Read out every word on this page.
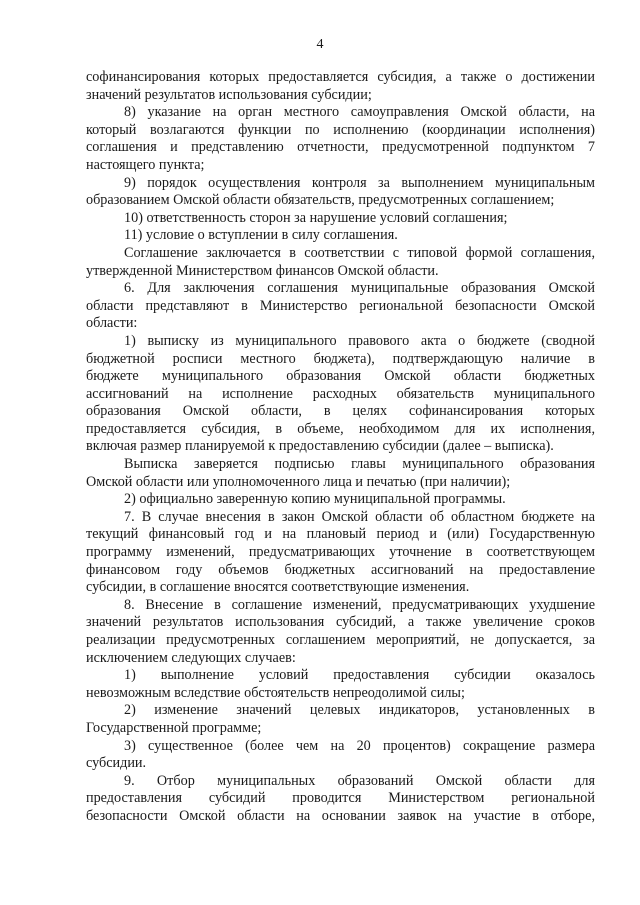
4
софинансирования которых предоставляется субсидия, а также о достижении
значений результатов использования субсидии;
8) указание на орган местного самоуправления Омской области, на
который возлагаются функции по исполнению (координации исполнения)
соглашения и представлению отчетности, предусмотренной подпунктом 7
настоящего пункта;
9) порядок осуществления контроля за выполнением муниципальным
образованием Омской области обязательств, предусмотренных соглашением;
10) ответственность сторон за нарушение условий соглашения;
11) условие о вступлении в силу соглашения.
Соглашение заключается в соответствии с типовой формой соглашения,
утвержденной Министерством финансов Омской области.
6. Для заключения соглашения муниципальные образования Омской
области представляют в Министерство региональной безопасности Омской
области:
1) выписку из муниципального правового акта о бюджете (сводной
бюджетной росписи местного бюджета), подтверждающую наличие в
бюджете муниципального образования Омской области бюджетных
ассигнований на исполнение расходных обязательств муниципального
образования Омской области, в целях софинансирования которых
предоставляется субсидия, в объеме, необходимом для их исполнения,
включая размер планируемой к предоставлению субсидии (далее – выписка).
Выписка заверяется подписью главы муниципального образования
Омской области или уполномоченного лица и печатью (при наличии);
2) официально заверенную копию муниципальной программы.
7. В случае внесения в закон Омской области об областном бюджете на
текущий финансовый год и на плановый период и (или) Государственную
программу изменений, предусматривающих уточнение в соответствующем
финансовом году объемов бюджетных ассигнований на предоставление
субсидии, в соглашение вносятся соответствующие изменения.
8. Внесение в соглашение изменений, предусматривающих ухудшение
значений результатов использования субсидий, а также увеличение сроков
реализации предусмотренных соглашением мероприятий, не допускается, за
исключением следующих случаев:
1) выполнение условий предоставления субсидии оказалось
невозможным вследствие обстоятельств непреодолимой силы;
2) изменение значений целевых индикаторов, установленных в
Государственной программе;
3) существенное (более чем на 20 процентов) сокращение размера
субсидии.
9. Отбор муниципальных образований Омской области для
предоставления субсидий проводится Министерством региональной
безопасности Омской области на основании заявок на участие в отборе,
